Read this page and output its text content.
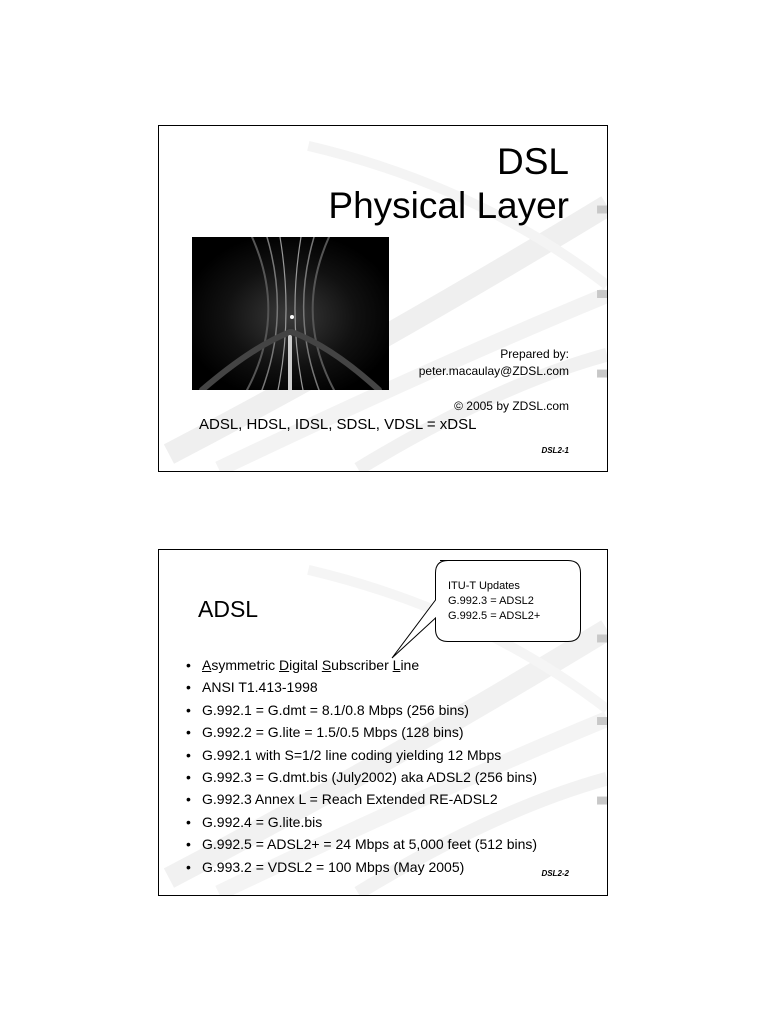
DSL
Physical Layer
Prepared by:
peter.macaulay@ZDSL.com
© 2005 by ZDSL.com
ADSL, HDSL, IDSL, SDSL, VDSL = xDSL
DSL2-1
ADSL
ITU-T Updates
G.992.3 = ADSL2
G.992.5 = ADSL2+
• Asymmetric Digital Subscriber Line
• ANSI T1.413-1998
• G.992.1 = G.dmt = 8.1/0.8 Mbps (256 bins)
• G.992.2 = G.lite = 1.5/0.5 Mbps (128 bins)
• G.992.1 with S=1/2 line coding yielding 12 Mbps
• G.992.3 = G.dmt.bis (July2002) aka ADSL2 (256 bins)
• G.992.3 Annex L = Reach Extended RE-ADSL2
• G.992.4 = G.lite.bis
• G.992.5 = ADSL2+ = 24 Mbps at 5,000 feet (512 bins)
• G.993.2 = VDSL2 = 100 Mbps (May 2005)	DSL2-2
